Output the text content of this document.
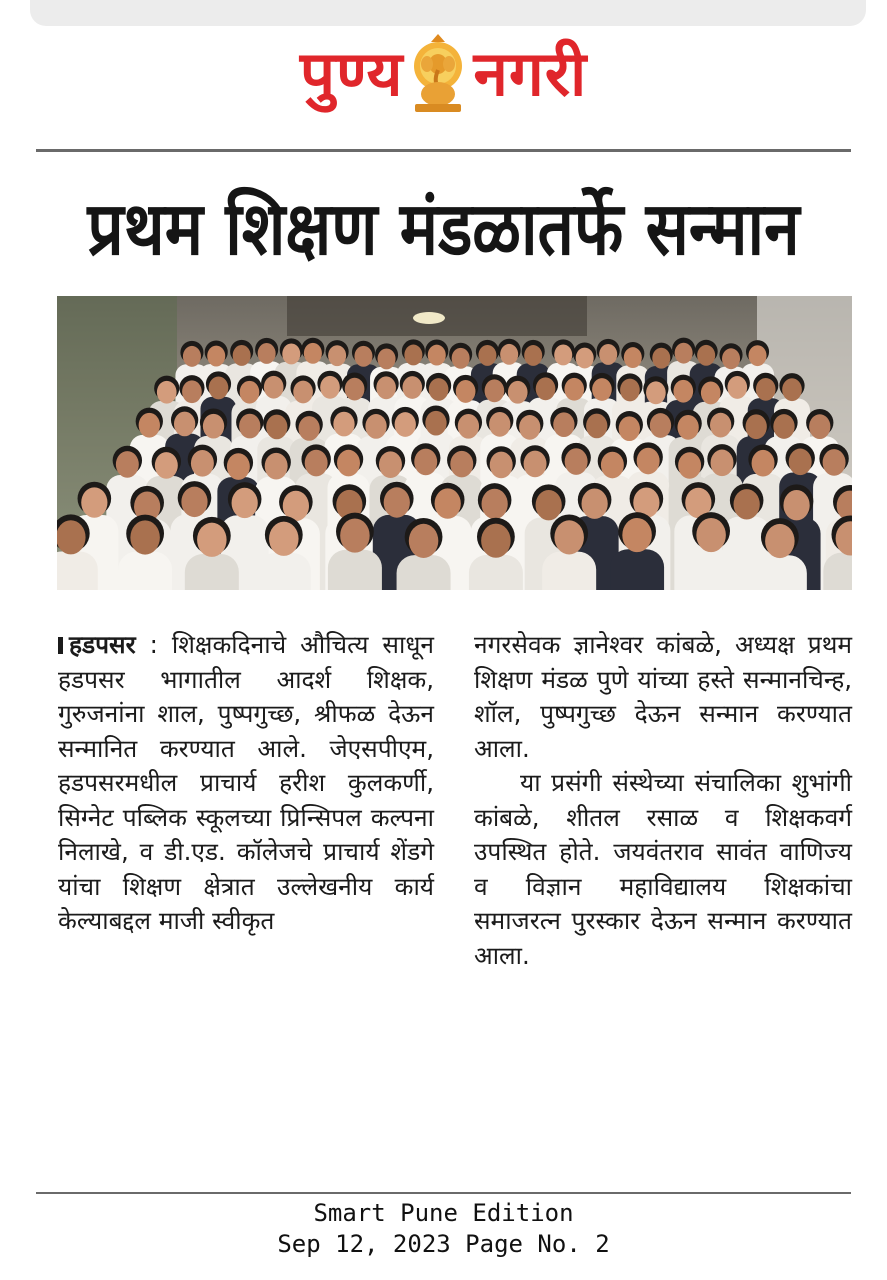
पुण्य नगरी
प्रथम शिक्षण मंडळातर्फे सन्मान

हडपसर : शिक्षकदिनाचे औचित्य साधून हडपसर भागातील आदर्श शिक्षक, गुरुजनांना शाल, पुष्पगुच्छ, श्रीफळ देऊन सन्मानित करण्यात आले. जेएसपीएम, हडपसरमधील प्राचार्य हरीश कुलकर्णी, सिग्नेट पब्लिक स्कूलच्या प्रिन्सिपल कल्पना निलाखे, व डी.एड. कॉलेजचे प्राचार्य शेंडगे यांचा शिक्षण क्षेत्रात उल्लेखनीय कार्य केल्याबद्दल माजी स्वीकृत

नगरसेवक ज्ञानेश्वर कांबळे, अध्यक्ष प्रथम शिक्षण मंडळ पुणे यांच्या हस्ते सन्मानचिन्ह, शॉल, पुष्पगुच्छ देऊन सन्मान करण्यात आला.

या प्रसंगी संस्थेच्या संचालिका शुभांगी कांबळे, शीतल रसाळ व शिक्षकवर्ग उपस्थित होते. जयवंतराव सावंत वाणिज्य व विज्ञान महाविद्यालय शिक्षकांचा समाजरत्न पुरस्कार देऊन सन्मान करण्यात आला.

Smart Pune Edition
Sep 12, 2023 Page No. 2
